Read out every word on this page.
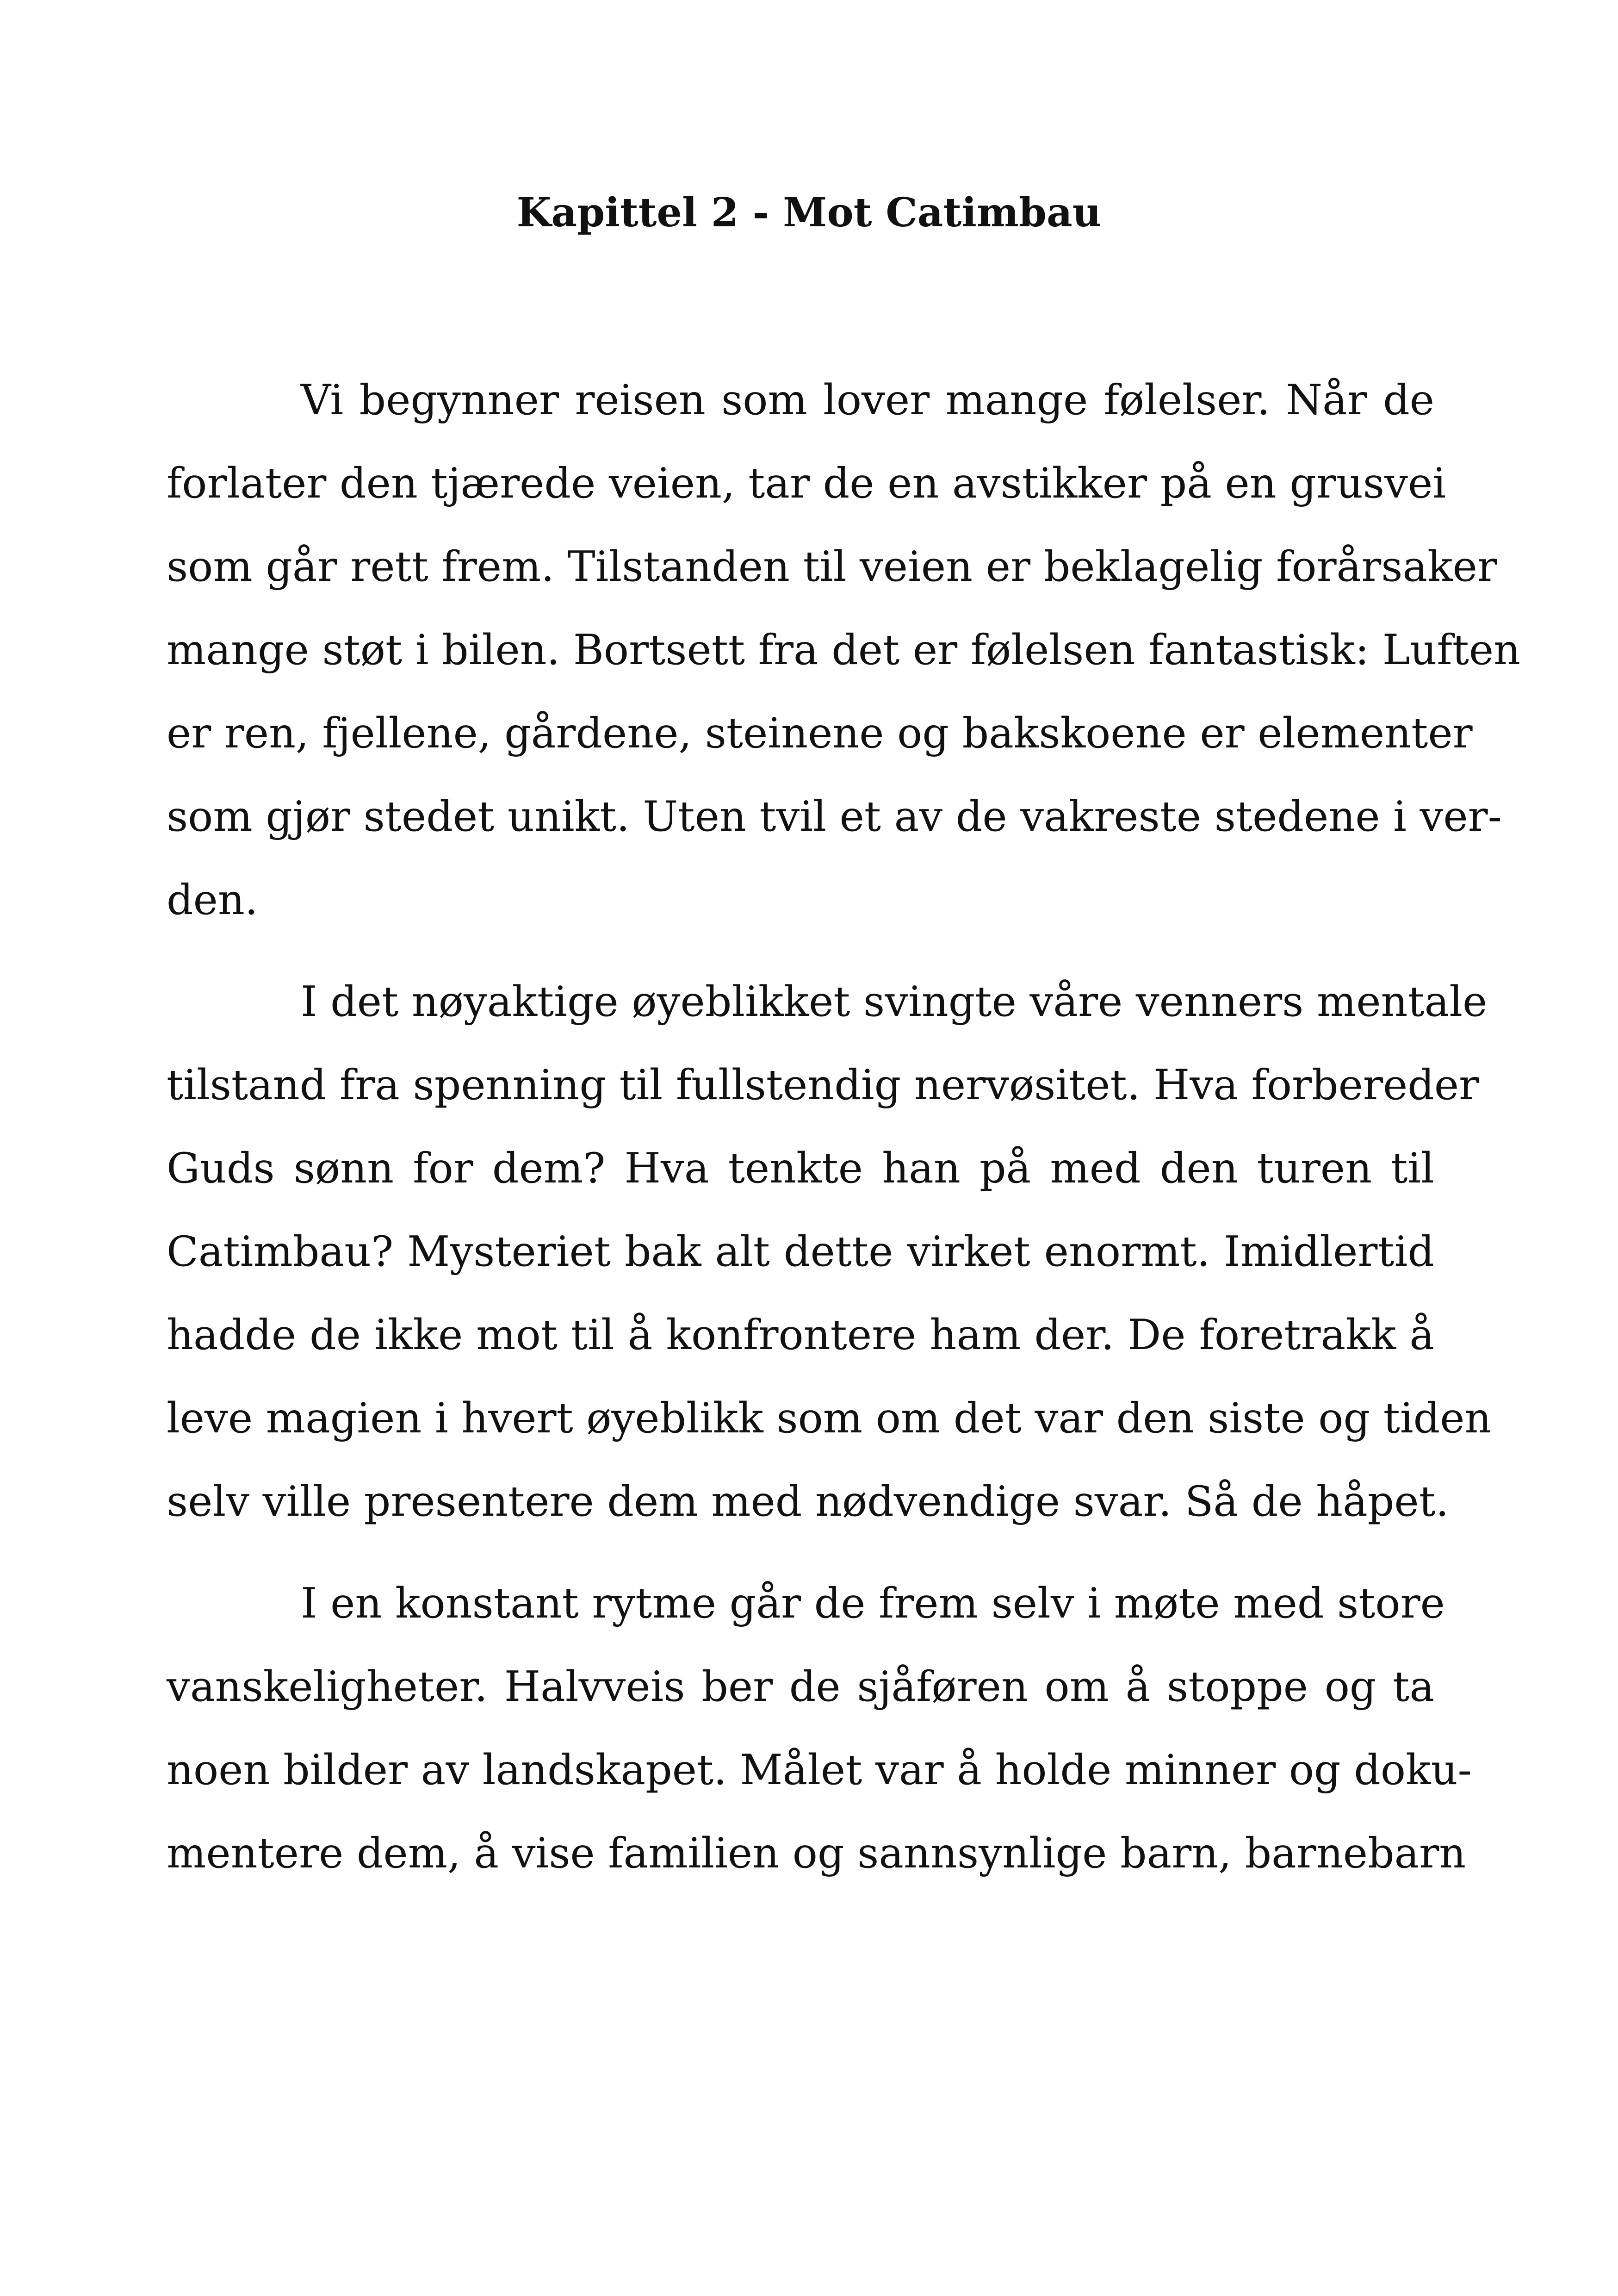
Kapittel 2 - Mot Catimbau

Vi begynner reisen som lover mange følelser. Når de

forlater den tjærede veien, tar de en avstikker på en grusvei

som går rett frem. Tilstanden til veien er beklagelig forårsaker

mange støt i bilen. Bortsett fra det er følelsen fantastisk: Luften

er ren, fjellene, gårdene, steinene og bakskoene er elementer

som gjør stedet unikt. Uten tvil et av de vakreste stedene i ver-

den.

I det nøyaktige øyeblikket svingte våre venners mentale

tilstand fra spenning til fullstendig nervøsitet. Hva forbereder

Guds sønn for dem? Hva tenkte han på med den turen til

Catimbau? Mysteriet bak alt dette virket enormt. Imidlertid

hadde de ikke mot til å konfrontere ham der. De foretrakk å

leve magien i hvert øyeblikk som om det var den siste og tiden

selv ville presentere dem med nødvendige svar. Så de håpet.

I en konstant rytme går de frem selv i møte med store

vanskeligheter. Halvveis ber de sjåføren om å stoppe og ta

noen bilder av landskapet. Målet var å holde minner og doku-

mentere dem, å vise familien og sannsynlige barn, barnebarn
